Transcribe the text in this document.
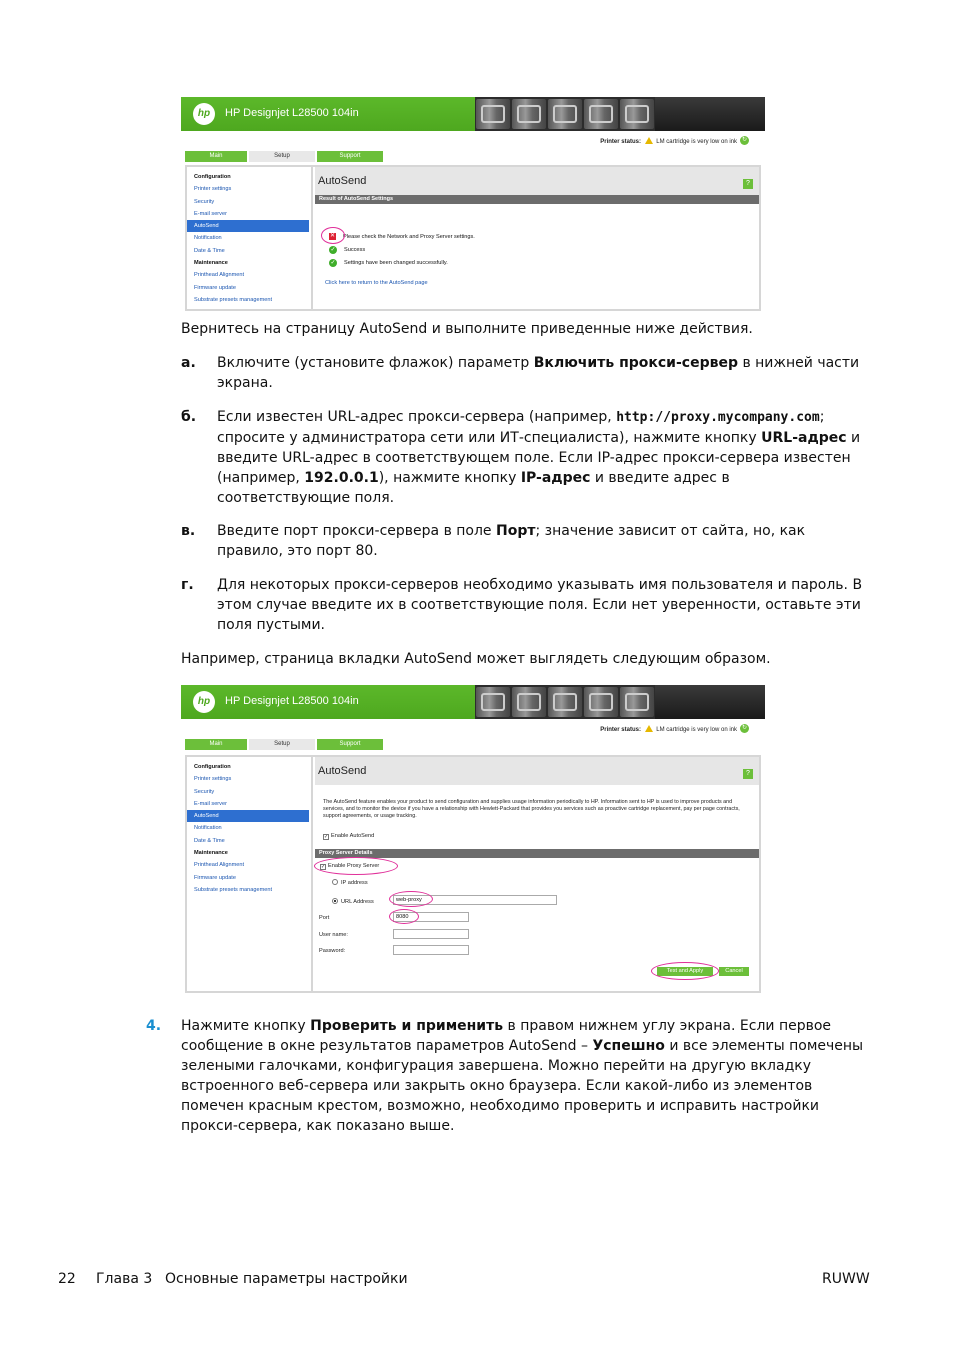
hp	HP Designjet L28500 104in
Printer status:	LM cartridge is very low on ink ↻
Main	Setup	Support
Configuration
Printer settings
Security
E-mail server
AutoSend
Notification
Date & Time
Maintenance
Printhead Alignment
Firmware update
Substrate presets management
AutoSend	?
Result of AutoSend Settings
✕ Please check the Network and Proxy Server settings.
✓ Success
✓ Settings have been changed successfully.
Click here to return to the AutoSend page
Вернитесь на страницу AutoSend и выполните приведенные ниже действия.
а. Включите (установите флажок) параметр Включить прокси-сервер в нижней части экрана.
б. Если известен URL-адрес прокси-сервера (например, http://proxy.mycompany.com; спросите у администратора сети или ИТ-специалиста), нажмите кнопку URL-адрес и введите URL-адрес в соответствующем поле. Если IP-адрес прокси-сервера известен (например, 192.0.0.1), нажмите кнопку IP-адрес и введите адрес в соответствующие поля.
в. Введите порт прокси-сервера в поле Порт; значение зависит от сайта, но, как правило, это порт 80.
г. Для некоторых прокси-серверов необходимо указывать имя пользователя и пароль. В этом случае введите их в соответствующие поля. Если нет уверенности, оставьте эти поля пустыми.
Например, страница вкладки AutoSend может выглядеть следующим образом.
hp	HP Designjet L28500 104in
Printer status:	LM cartridge is very low on ink ↻
Main	Setup	Support
Configuration
Printer settings
Security
E-mail server
AutoSend
Notification
Date & Time
Maintenance
Printhead Alignment
Firmware update
Substrate presets management
AutoSend	?
The AutoSend feature enables your product to send configuration and supplies usage information periodically to HP. Information sent to HP is used to improve products and services, and to monitor the device if you have a relationship with Hewlett-Packard that provides you services such as proactive cartridge replacement, pay per page contracts, support agreements, or usage tracking.
✓ Enable AutoSend
Proxy Server Details
✓ Enable Proxy Server
IP address
URL Address	web-proxy
Port	8080
User name:
Password:
Test and Apply	Cancel
4. Нажмите кнопку Проверить и применить в правом нижнем углу экрана. Если первое сообщение в окне результатов параметров AutoSend – Успешно и все элементы помечены зелеными галочками, конфигурация завершена. Можно перейти на другую вкладку встроенного веб-сервера или закрыть окно браузера. Если какой-либо из элементов помечен красным крестом, возможно, необходимо проверить и исправить настройки прокси-сервера, как показано выше.
22 Глава 3 Основные параметры настройки	RUWW
